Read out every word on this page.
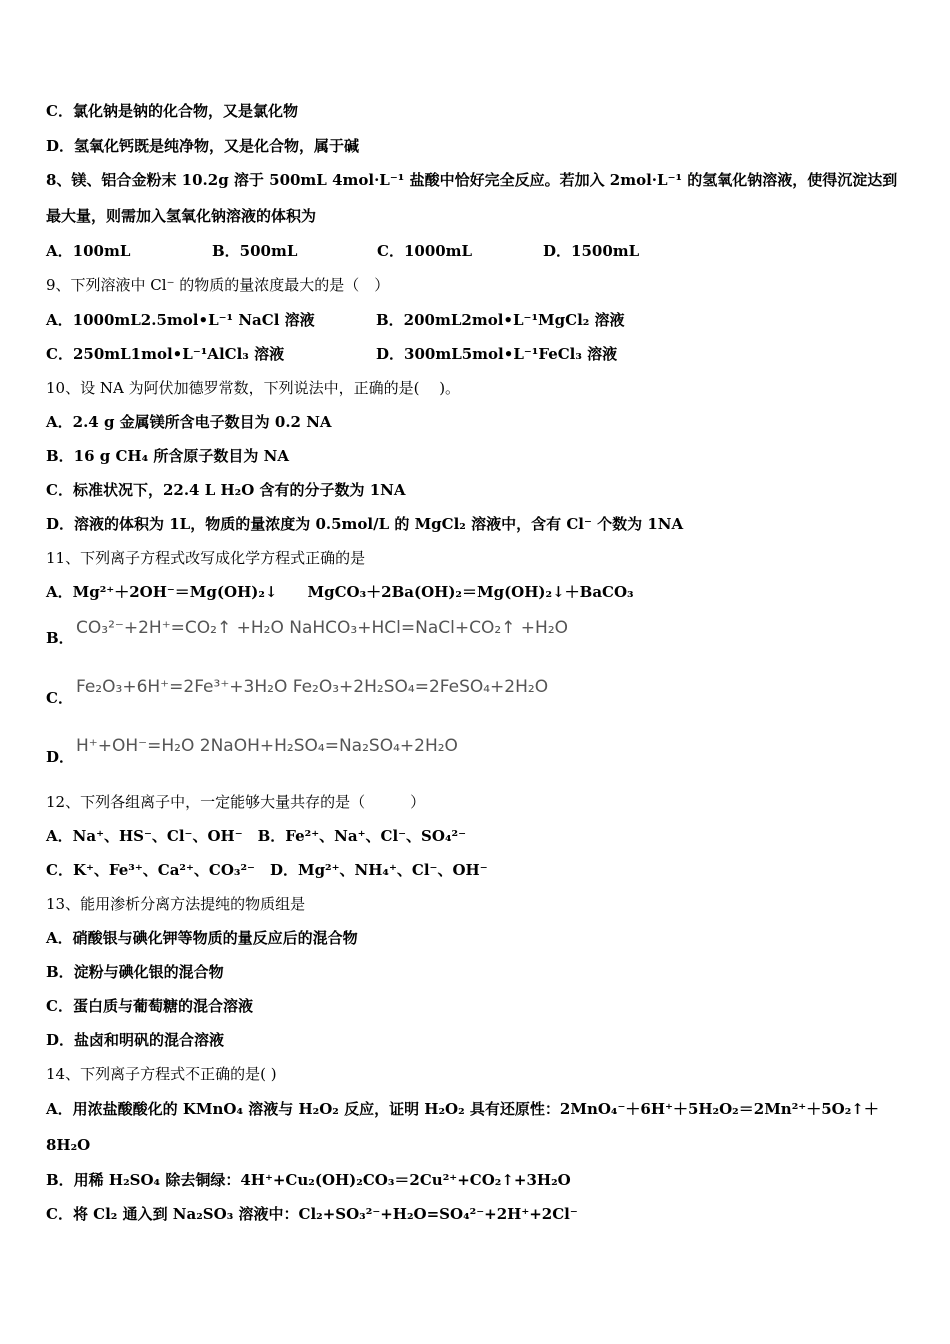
C．氯化钠是钠的化合物，又是氯化物
D．氢氧化钙既是纯净物，又是化合物，属于碱
8、镁、铝合金粉末 10.2g 溶于 500mL 4mol·L⁻¹ 盐酸中恰好完全反应。若加入 2mol·L⁻¹ 的氢氧化钠溶液，使得沉淀达到
最大量，则需加入氢氧化钠溶液的体积为
A．100mL	B．500mL	C．1000mL	D．1500mL
9、下列溶液中 Cl⁻ 的物质的量浓度最大的是（　）
A．1000mL2.5mol•L⁻¹ NaCl 溶液	B．200mL2mol•L⁻¹MgCl₂ 溶液
C．250mL1mol•L⁻¹AlCl₃ 溶液	D．300mL5mol•L⁻¹FeCl₃ 溶液
10、设 NA 为阿伏加德罗常数，下列说法中，正确的是(　 )。
A．2.4 g 金属镁所含电子数目为 0.2 NA
B．16 g CH₄ 所含原子数目为 NA
C．标准状况下，22.4 L H₂O 含有的分子数为 1NA
D．溶液的体积为 1L，物质的量浓度为 0.5mol/L 的 MgCl₂ 溶液中，含有 Cl⁻ 个数为 1NA
11、下列离子方程式改写成化学方程式正确的是
A．Mg²⁺＋2OH⁻＝Mg(OH)₂↓　　MgCO₃＋2Ba(OH)₂＝Mg(OH)₂↓＋BaCO₃
B． CO₃²⁻+2H⁺=CO₂↑ +H₂O NaHCO₃+HCl=NaCl+CO₂↑ +H₂O
C．
Fe₂O₃+6H⁺=2Fe³⁺+3H₂O Fe₂O₃+2H₂SO₄=2FeSO₄+2H₂O
D．
H⁺+OH⁻=H₂O 2NaOH+H₂SO₄=Na₂SO₄+2H₂O
12、下列各组离子中，一定能够大量共存的是（　　　）
A．Na⁺、HS⁻、Cl⁻、OH⁻　B．Fe²⁺、Na⁺、Cl⁻、SO₄²⁻
C．K⁺、Fe³⁺、Ca²⁺、CO₃²⁻　D．Mg²⁺、NH₄⁺、Cl⁻、OH⁻
13、能用渗析分离方法提纯的物质组是
A．硝酸银与碘化钾等物质的量反应后的混合物
B．淀粉与碘化银的混合物
C．蛋白质与葡萄糖的混合溶液
D．盐卤和明矾的混合溶液
14、下列离子方程式不正确的是( )
A．用浓盐酸酸化的 KMnO₄ 溶液与 H₂O₂ 反应，证明 H₂O₂ 具有还原性：2MnO₄⁻＋6H⁺＋5H₂O₂＝2Mn²⁺＋5O₂↑＋
8H₂O
B．用稀 H₂SO₄ 除去铜绿：4H⁺+Cu₂(OH)₂CO₃＝2Cu²⁺+CO₂↑+3H₂O
C．将 Cl₂ 通入到 Na₂SO₃ 溶液中：Cl₂+SO₃²⁻+H₂O=SO₄²⁻+2H⁺+2Cl⁻
